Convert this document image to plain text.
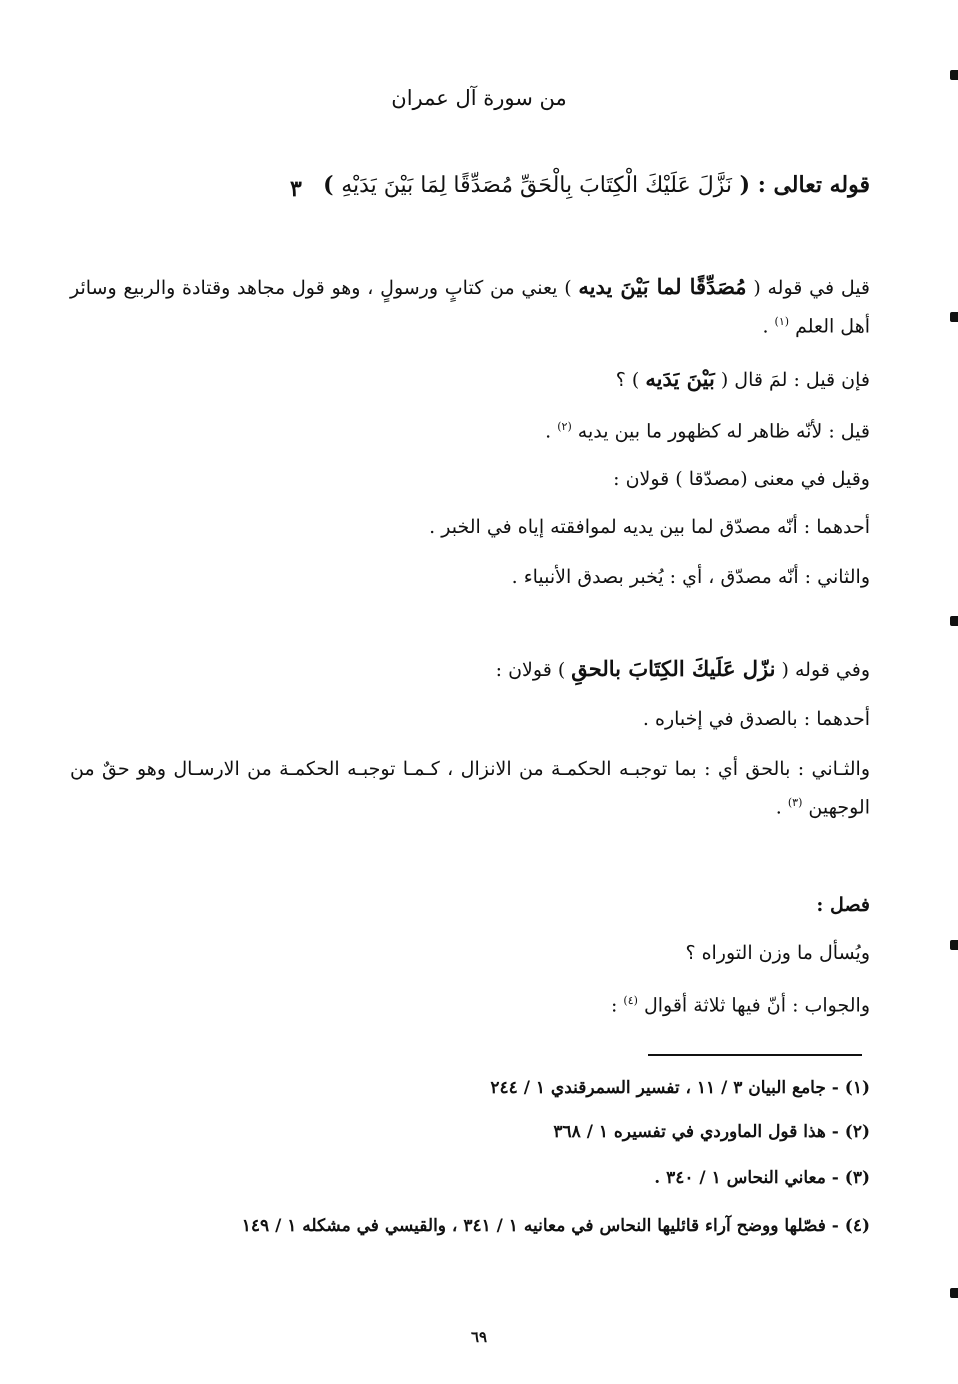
من سورة آل عمران
قوله تعالى : ( نَزَّلَ عَلَيْكَ الْكِتَابَ بِالْحَقِّ مُصَدِّقًا لِمَا بَيْنَ يَدَيْهِ )
٣
قيل في قوله ( مُصَدِّقًا لما بَيْنَ يديه ) يعني من كتابٍ ورسولٍ ، وهو قول مجاهد وقتادة والربيع وسائر أهل العلم $^{(١)}$ .
فإن قيل : لمَ قال ( بَيْنَ يَدَيه ) ؟
قيل : لأنّه ظاهر له كظهور ما بين يديه $^{(٢)}$ .
وقيل في معنى (مصدّقا ) قولان :
أحدهما : أنّه مصدّق لما بين يديه لموافقته إياه في الخبر .
والثاني : أنّه مصدّق ، أي : يُخبر بصدق الأنبياء .
وفي قوله ( نزّل عَلَيكَ الكِتَابَ بالحقِ ) قولان :
أحدهما : بالصدق في إخباره .
والثـاني : بالحق أي : بما توجبـه الحكمـة من الانزال ، كـمـا توجبـه الحكمـة من الارسـال وهو حقٌ من الوجهين $^{(٣)}$ .
فصل :
ويُسأل ما وزن التوراه ؟
والجواب : أنّ فيها ثلاثة أقوال $^{(٤)}$ :
(١) - جامع البيان ٣ / ١١ ، تفسير السمرقندي ١ / ٢٤٤
(٢) - هذا قول الماوردي في تفسيره ١ / ٣٦٨
(٣) - معاني النحاس ١ / ٣٤٠ .
(٤) - فصّلها ووضح آراء قائليها النحاس في معانيه ١ / ٣٤١ ، والقيسي في مشكله ١ / ١٤٩
٦٩
